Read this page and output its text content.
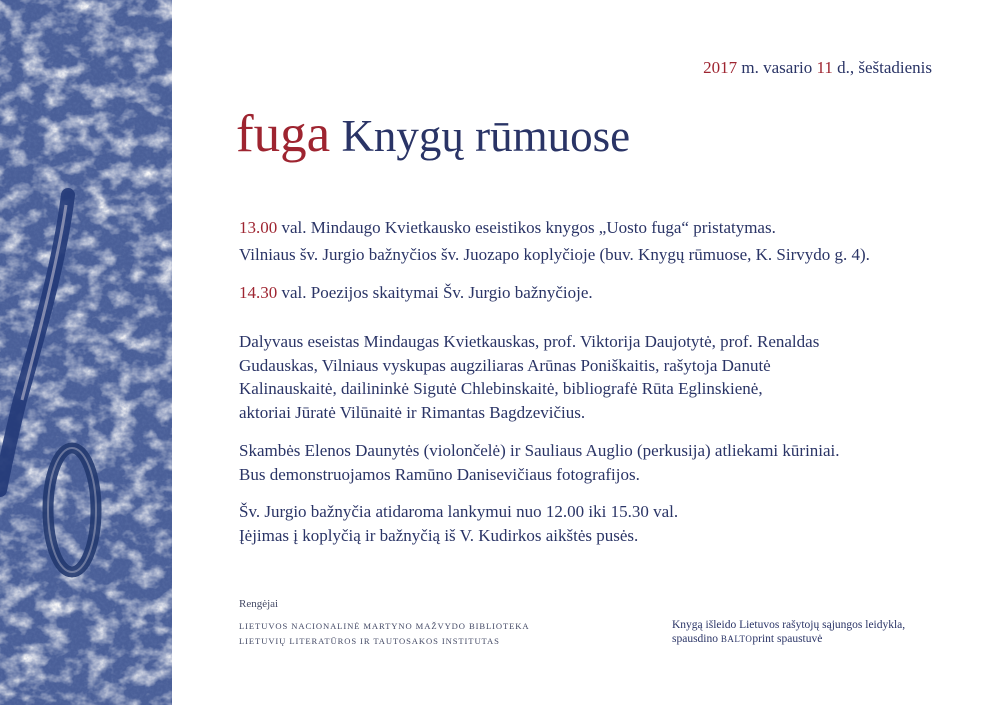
2017 m. vasario 11 d., šeštadienis
fuga Knygų rūmuose
13.00 val. Mindaugo Kvietkausko eseistikos knygos „Uosto fuga“ pristatymas.
Vilniaus šv. Jurgio bažnyčios šv. Juozapo koplyčioje (buv. Knygų rūmuose, K. Sirvydo g. 4).
14.30 val. Poezijos skaitymai Šv. Jurgio bažnyčioje.
Dalyvaus eseistas Mindaugas Kvietkauskas, prof. Viktorija Daujotytė, prof. Renaldas
Gudauskas, Vilniaus vyskupas augziliaras Arūnas Poniškaitis, rašytoja Danutė
Kalinauskaitė, dailininkė Sigutė Chlebinskaitė, bibliografė Rūta Eglinskienė,
aktoriai Jūratė Vilūnaitė ir Rimantas Bagdzevičius.
Skambės Elenos Daunytės (violončelė) ir Sauliaus Auglio (perkusija) atliekami kūriniai.
Bus demonstruojamos Ramūno Danisevičiaus fotografijos.
Šv. Jurgio bažnyčia atidaroma lankymui nuo 12.00 iki 15.30 val.
Įėjimas į koplyčią ir bažnyčią iš V. Kudirkos aikštės pusės.
Rengėjai
LIETUVOS NACIONALINĖ MARTYNO MAŽVYDO BIBLIOTEKA
LIETUVIŲ LITERATŪROS IR TAUTOSAKOS INSTITUTAS
Knygą išleido Lietuvos rašytojų sąjungos leidykla,
spausdino BALTOprint spaustuvė
